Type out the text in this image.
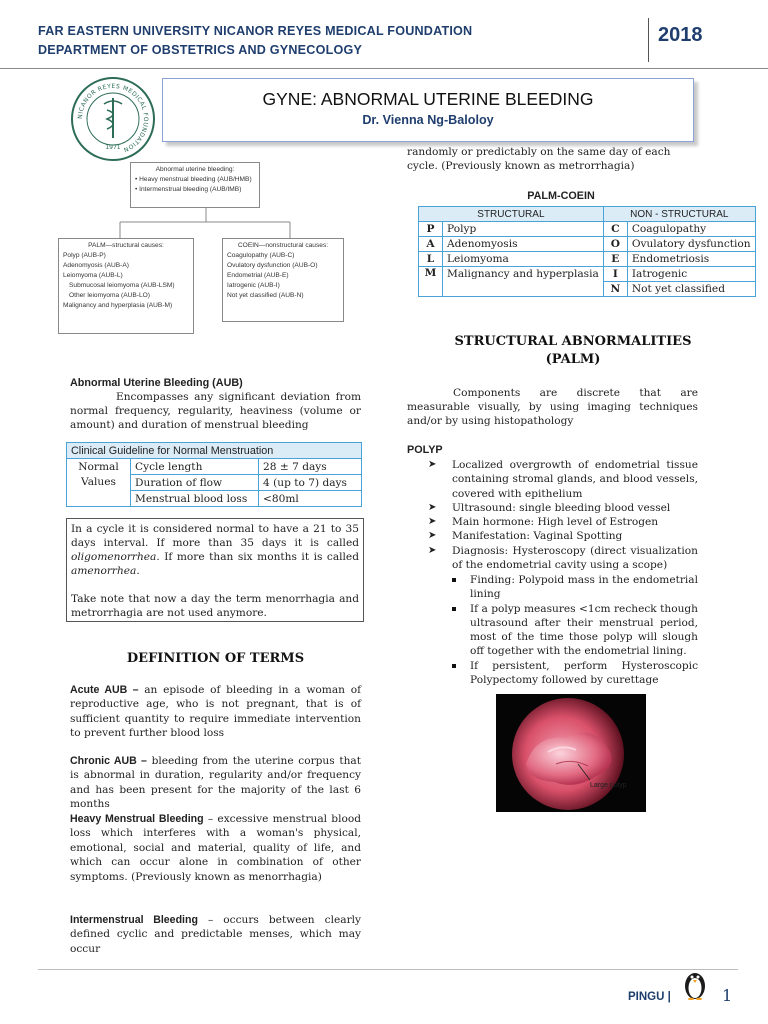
FAR EASTERN UNIVERSITY NICANOR REYES MEDICAL FOUNDATION
DEPARTMENT OF OBSTETRICS AND GYNECOLOGY
2018
NICANOR REYES MEDICAL FOUNDATION
1971
GYNE: ABNORMAL UTERINE BLEEDING
Dr. Vienna Ng-Baloloy
Abnormal uterine bleeding:
• Heavy menstrual bleeding (AUB/HMB)
• Intermenstrual bleeding (AUB/IMB)
PALM—structural causes:
Polyp (AUB-P)
Adenomyosis (AUB-A)
Leiomyoma (AUB-L)
Submucosal leiomyoma (AUB-LSM)
Other leiomyoma (AUB-LO)
Malignancy and hyperplasia (AUB-M)
COEIN—nonstructural causes:
Coagulopathy (AUB-C)
Ovulatory dysfunction (AUB-O)
Endometrial (AUB-E)
Iatrogenic (AUB-I)
Not yet classified (AUB-N)
Abnormal Uterine Bleeding (AUB)
Encompasses any significant deviation from normal frequency, regularity, heaviness (volume or amount) and duration of menstrual bleeding
Clinical Guideline for Normal Menstruation		
Normal Values	Cycle length	28 ± 7 days
	Duration of flow	4 (up to 7) days
	Menstrual blood loss	<80ml

In a cycle it is considered normal to have a 21 to 35 days interval. If more than 35 days it is called oligomenorrhea. If more than six months it is called amenorrhea.

Take note that now a day the term menorrhagia and metrorrhagia are not used anymore.

DEFINITION OF TERMS
Acute AUB – an episode of bleeding in a woman of reproductive age, who is not pregnant, that is of sufficient quantity to require immediate intervention to prevent further blood loss
Chronic AUB – bleeding from the uterine corpus that is abnormal in duration, regularity and/or frequency and has been present for the majority of the last 6 months
Heavy Menstrual Bleeding – excessive menstrual blood loss which interferes with a woman's physical, emotional, social and material, quality of life, and which can occur alone in combination of other symptoms. (Previously known as menorrhagia)
Intermenstrual Bleeding – occurs between clearly defined cyclic and predictable menses, which may occur
randomly or predictably on the same day of each cycle. (Previously known as metrorrhagia)
PALM-COEIN
STRUCTURAL		NON - STRUCTURAL	
P	Polyp	C	Coagulopathy
A	Adenomyosis	O	Ovulatory dysfunction
L	Leiomyoma	E	Endometriosis
M	Malignancy and hyperplasia	I	Iatrogenic
		N	Not yet classified
STRUCTURAL ABNORMALITIES
(PALM)
Components are discrete that are measurable visually, by using imaging techniques and/or by using histopathology
POLYP
➤ Localized overgrowth of endometrial tissue containing stromal glands, and blood vessels, covered with epithelium
➤ Ultrasound: single bleeding blood vessel
➤ Main hormone: High level of Estrogen
➤ Manifestation: Vaginal Spotting
➤ Diagnosis: Hysteroscopy (direct visualization of the endometrial cavity using a scope)
Finding: Polypoid mass in the endometrial lining
If a polyp measures <1cm recheck though ultrasound after their menstrual period, most of the time those polyp will slough off together with the endometrial lining.
If persistent, perform Hysteroscopic Polypectomy followed by curettage
Large polyp
PINGU |	1
